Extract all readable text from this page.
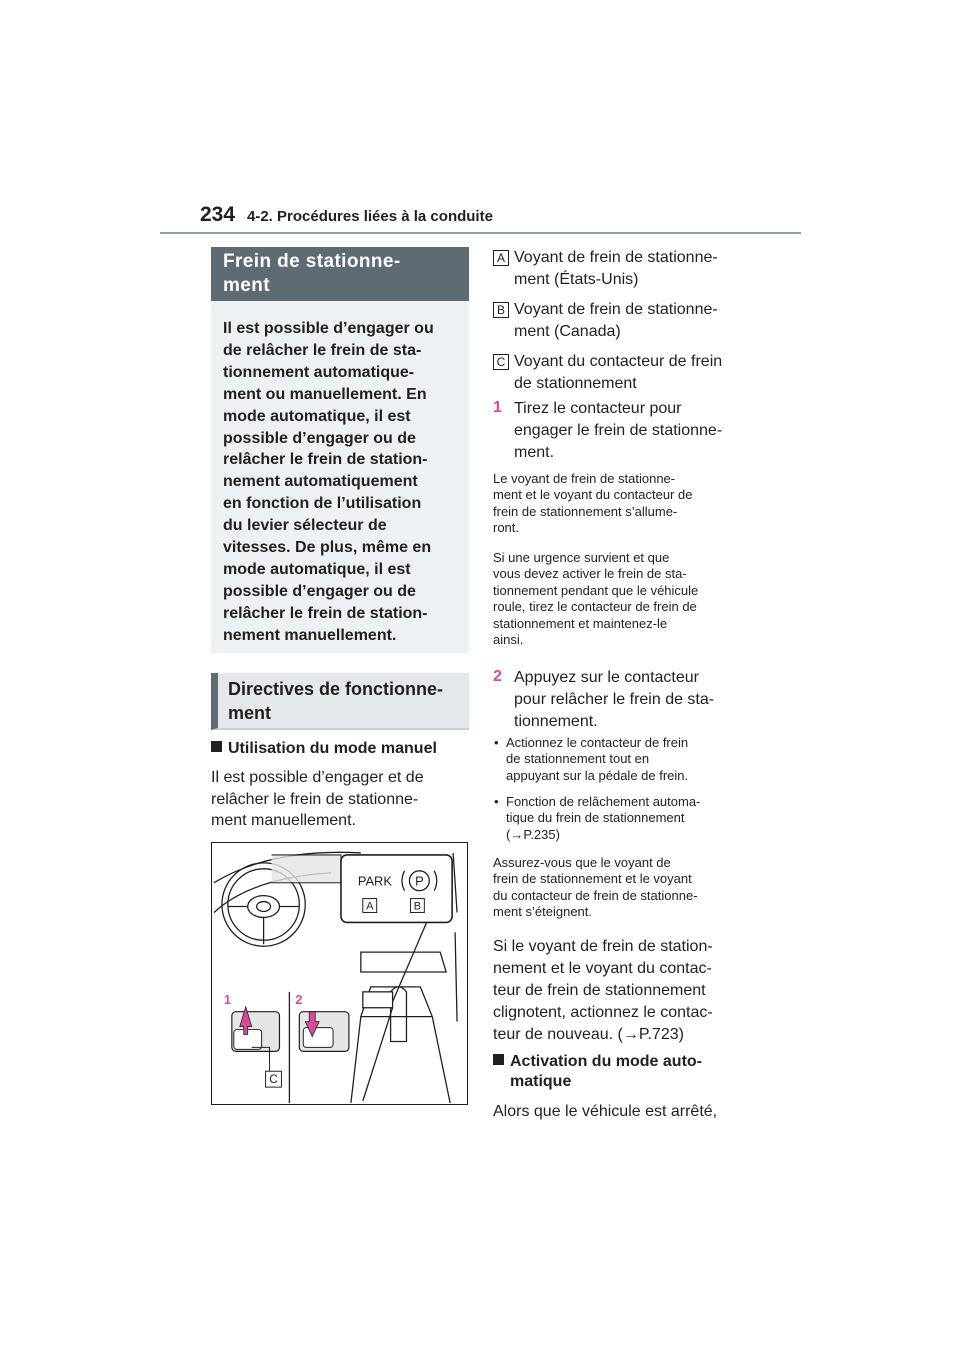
234 4-2. Procédures liées à la conduite
Frein de stationne-
ment
Il est possible d’engager ou
de relâcher le frein de sta-
tionnement automatique-
ment ou manuellement. En
mode automatique, il est
possible d’engager ou de
relâcher le frein de station-
nement automatiquement
en fonction de l’utilisation
du levier sélecteur de
vitesses. De plus, même en
mode automatique, il est
possible d’engager ou de
relâcher le frein de station-
nement manuellement.
Directives de fonctionne-
ment
Utilisation du mode manuel
Il est possible d’engager et de
relâcher le frein de stationne-
ment manuellement.
PARK P
A	B
1
C
2
A Voyant de frein de stationne-
ment (États-Unis)
B Voyant de frein de stationne-
ment (Canada)
C Voyant du contacteur de frein
de stationnement
1 Tirez le contacteur pour
engager le frein de stationne-
ment.
Le voyant de frein de stationne-
ment et le voyant du contacteur de
frein de stationnement s’allume-
ront.
Si une urgence survient et que
vous devez activer le frein de sta-
tionnement pendant que le véhicule
roule, tirez le contacteur de frein de
stationnement et maintenez-le
ainsi.
2 Appuyez sur le contacteur
pour relâcher le frein de sta-
tionnement.
• Actionnez le contacteur de frein
de stationnement tout en
appuyant sur la pédale de frein.
• Fonction de relâchement automa-
tique du frein de stationnement
(→P.235)
Assurez-vous que le voyant de
frein de stationnement et le voyant
du contacteur de frein de stationne-
ment s’éteignent.
Si le voyant de frein de station-
nement et le voyant du contac-
teur de frein de stationnement
clignotent, actionnez le contac-
teur de nouveau. (→P.723)
Activation du mode auto-
matique
Alors que le véhicule est arrêté,
